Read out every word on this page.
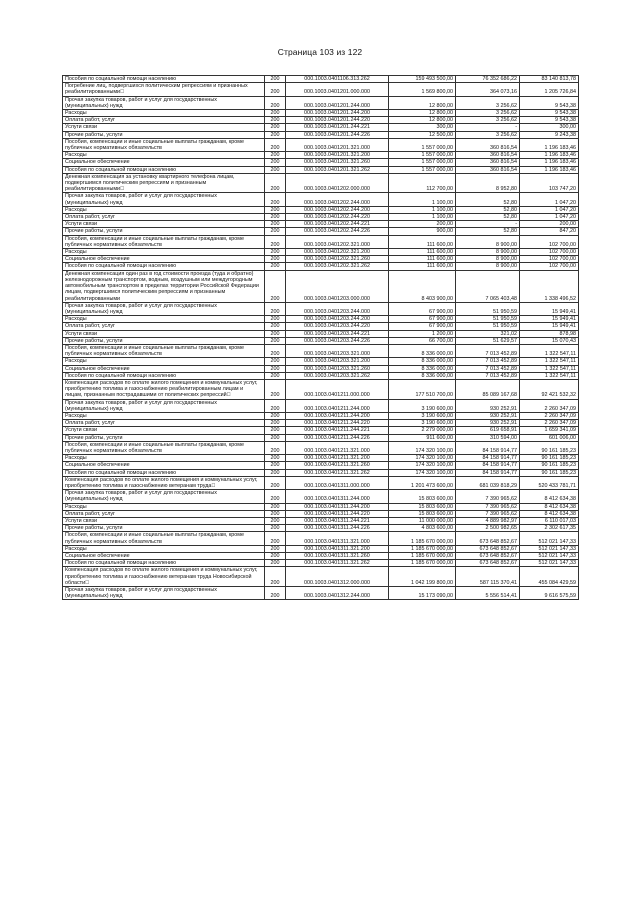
Страница 103 из 122
Пособия по социальной помощи населению	200	000.1003.0401106.313.262	159 493 500,00	76 352 686,22	83 140 813,78
Погребение лиц, подвергшихся политическим репрессиям и признанных реабилитированными 	200	000.1003.0401201.000.000	1 569 800,00	364 073,16	1 205 726,84
Прочая закупка товаров, работ и услуг для государственных (муниципальных) нужд	200	000.1003.0401201.244.000	12 800,00	3 256,62	9 543,38
Расходы	200	000.1003.0401201.244.200	12 800,00	3 256,62	9 543,38
Оплата работ, услуг	200	000.1003.0401201.244.220	12 800,00	3 256,62	9 543,38
Услуги связи	200	000.1003.0401201.244.221	300,00	-	300,00
Прочие работы, услуги	200	000.1003.0401201.244.226	12 500,00	3 256,62	9 243,38
Пособия, компенсации и иные социальные выплаты гражданам, кроме публичных нормативных обязательств	200	000.1003.0401201.321.000	1 557 000,00	360 816,54	1 196 183,46
Расходы	200	000.1003.0401201.321.200	1 557 000,00	360 816,54	1 196 183,46
Социальное обеспечение	200	000.1003.0401201.321.260	1 557 000,00	360 816,54	1 196 183,46
Пособия по социальной помощи населению	200	000.1003.0401201.321.262	1 557 000,00	360 816,54	1 196 183,46
Денежная компенсация за установку квартирного телефона лицам, подвергшимся политическим репрессиям и признанным реабилитированными 	200	000.1003.0401202.000.000	112 700,00	8 952,80	103 747,20
Прочая закупка товаров, работ и услуг для государственных (муниципальных) нужд	200	000.1003.0401202.244.000	1 100,00	52,80	1 047,20
Расходы	200	000.1003.0401202.244.200	1 100,00	52,80	1 047,20
Оплата работ, услуг	200	000.1003.0401202.244.220	1 100,00	52,80	1 047,20
Услуги связи	200	000.1003.0401202.244.221	200,00	-	200,00
Прочие работы, услуги	200	000.1003.0401202.244.226	900,00	52,80	847,20
Пособия, компенсации и иные социальные выплаты гражданам, кроме публичных нормативных обязательств	200	000.1003.0401202.321.000	111 600,00	8 900,00	102 700,00
Расходы	200	000.1003.0401202.321.200	111 600,00	8 900,00	102 700,00
Социальное обеспечение	200	000.1003.0401202.321.260	111 600,00	8 900,00	102 700,00
Пособия по социальной помощи населению	200	000.1003.0401202.321.262	111 600,00	8 900,00	102 700,00
Денежная компенсация один раз в год стоимости проезда (туда и обратно) железнодорожным транспортом, водным, воздушным или междугородным автомобильным транспортом в пределах территории Российской Федерации лицам, подвергшимся политическим репрессиям и признанным реабилитированными	200	000.1003.0401203.000.000	8 403 900,00	7 065 403,48	1 338 496,52
Прочая закупка товаров, работ и услуг для государственных (муниципальных) нужд	200	000.1003.0401203.244.000	67 900,00	51 950,59	15 949,41
Расходы	200	000.1003.0401203.244.200	67 900,00	51 950,59	15 949,41
Оплата работ, услуг	200	000.1003.0401203.244.220	67 900,00	51 950,59	15 949,41
Услуги связи	200	000.1003.0401203.244.221	1 200,00	321,02	878,98
Прочие работы, услуги	200	000.1003.0401203.244.226	66 700,00	51 629,57	15 070,43
Пособия, компенсации и иные социальные выплаты гражданам, кроме публичных нормативных обязательств	200	000.1003.0401203.321.000	8 336 000,00	7 013 452,89	1 322 547,11
Расходы	200	000.1003.0401203.321.200	8 336 000,00	7 013 452,89	1 322 547,11
Социальное обеспечение	200	000.1003.0401203.321.260	8 336 000,00	7 013 452,89	1 322 547,11
Пособия по социальной помощи населению	200	000.1003.0401203.321.262	8 336 000,00	7 013 452,89	1 322 547,11
Компенсация расходов по оплате жилого помещения и коммунальных услуг, приобретению топлива и газоснабжению реабилитированным лицам и лицам, признанным пострадавшими от политических репрессий 	200	000.1003.0401211.000.000	177 510 700,00	85 089 167,68	92 421 532,32
Прочая закупка товаров, работ и услуг для государственных (муниципальных) нужд	200	000.1003.0401211.244.000	3 190 600,00	930 252,91	2 260 347,09
Расходы	200	000.1003.0401211.244.200	3 190 600,00	930 252,91	2 260 347,09
Оплата работ, услуг	200	000.1003.0401211.244.220	3 190 600,00	930 252,91	2 260 347,09
Услуги связи	200	000.1003.0401211.244.221	2 279 000,00	619 658,91	1 659 341,09
Прочие работы, услуги	200	000.1003.0401211.244.226	911 600,00	310 594,00	601 006,00
Пособия, компенсации и иные социальные выплаты гражданам, кроме публичных нормативных обязательств	200	000.1003.0401211.321.000	174 320 100,00	84 158 914,77	90 161 185,23
Расходы	200	000.1003.0401211.321.200	174 320 100,00	84 158 914,77	90 161 185,23
Социальное обеспечение	200	000.1003.0401211.321.260	174 320 100,00	84 158 914,77	90 161 185,23
Пособия по социальной помощи населению	200	000.1003.0401211.321.262	174 320 100,00	84 158 914,77	90 161 185,23
Компенсация расходов по оплате жилого помещения и коммунальных услуг, приобретению топлива и газоснабжению ветеранам труда 	200	000.1003.0401311.000.000	1 201 473 600,00	681 039 818,29	520 433 781,71
Прочая закупка товаров, работ и услуг для государственных (муниципальных) нужд	200	000.1003.0401311.244.000	15 803 600,00	7 390 965,62	8 412 634,38
Расходы	200	000.1003.0401311.244.200	15 803 600,00	7 390 965,62	8 412 634,38
Оплата работ, услуг	200	000.1003.0401311.244.220	15 803 600,00	7 390 965,62	8 412 634,38
Услуги связи	200	000.1003.0401311.244.221	11 000 000,00	4 889 982,97	6 110 017,03
Прочие работы, услуги	200	000.1003.0401311.244.226	4 803 600,00	2 500 982,65	2 302 617,35
Пособия, компенсации и иные социальные выплаты гражданам, кроме публичных нормативных обязательств	200	000.1003.0401311.321.000	1 185 670 000,00	673 648 852,67	512 021 147,33
Расходы	200	000.1003.0401311.321.200	1 185 670 000,00	673 648 852,67	512 021 147,33
Социальное обеспечение	200	000.1003.0401311.321.260	1 185 670 000,00	673 648 852,67	512 021 147,33
Пособия по социальной помощи населению	200	000.1003.0401311.321.262	1 185 670 000,00	673 648 852,67	512 021 147,33
Компенсация расходов по оплате жилого помещения и коммунальных услуг, приобретению топлива и газоснабжению ветеранам труда Новосибирской области 	200	000.1003.0401312.000.000	1 042 199 800,00	587 115 370,41	455 084 429,59
Прочая закупка товаров, работ и услуг для государственных (муниципальных) нужд	200	000.1003.0401312.244.000	15 173 090,00	5 556 514,41	9 616 575,59
